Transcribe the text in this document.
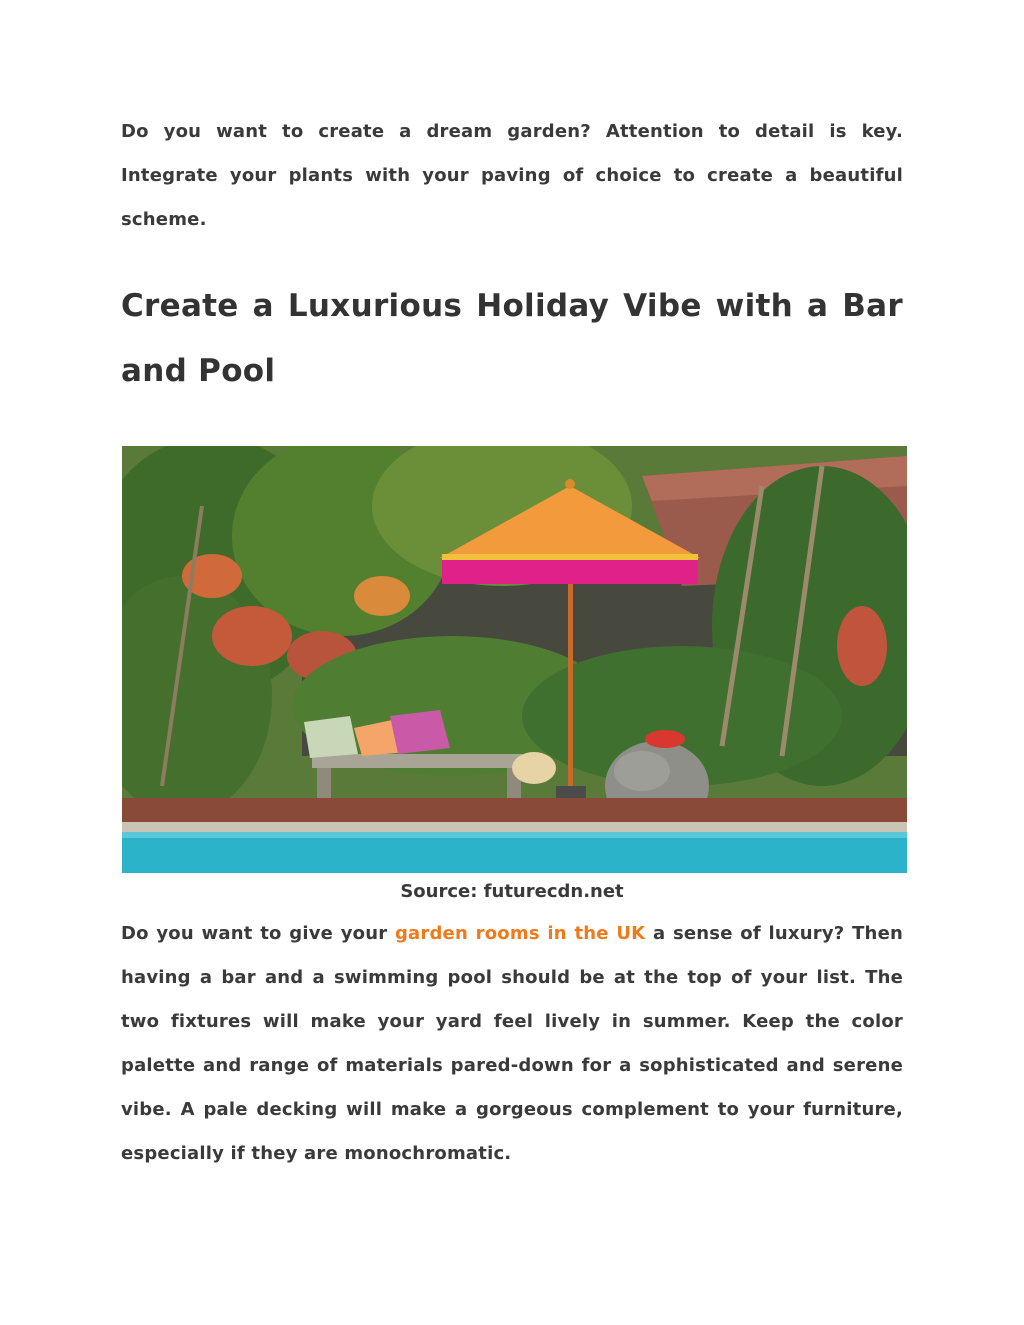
Do you want to create a dream garden? Attention to detail is key. Integrate your plants with your paving of choice to create a beautiful scheme.

Create a Luxurious Holiday Vibe with a Bar and Pool

Source: futurecdn.net

Do you want to give your garden rooms in the UK a sense of luxury? Then having a bar and a swimming pool should be at the top of your list. The two fixtures will make your yard feel lively in summer. Keep the color palette and range of materials pared-down for a sophisticated and serene vibe. A pale decking will make a gorgeous complement to your furniture, especially if they are monochromatic.
